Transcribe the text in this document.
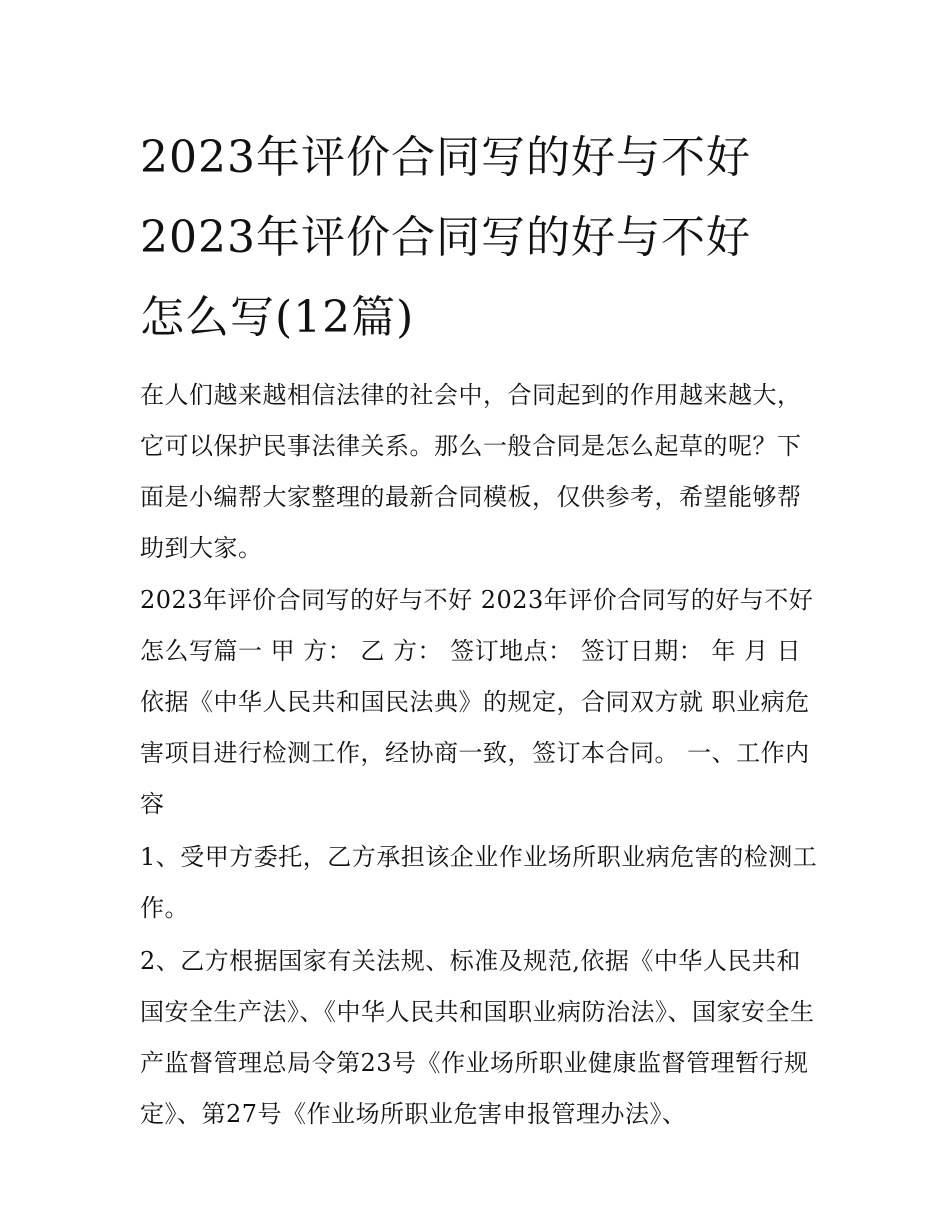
2023年评价合同写的好与不好
2023年评价合同写的好与不好
怎么写(12篇)

在人们越来越相信法律的社会中，合同起到的作用越来越大，它可以保护民事法律关系。那么一般合同是怎么起草的呢？下面是小编帮大家整理的最新合同模板，仅供参考，希望能够帮助到大家。

2023年评价合同写的好与不好 2023年评价合同写的好与不好怎么写篇一 甲 方： 乙 方： 签订地点： 签订日期： 年 月 日 依据《中华人民共和国民法典》的规定，合同双方就 职业病危害项目进行检测工作，经协商一致，签订本合同。 一、工作内容

1、受甲方委托，乙方承担该企业作业场所职业病危害的检测工作。

2、乙方根据国家有关法规、标准及规范,依据《中华人民共和国安全生产法》、《中华人民共和国职业病防治法》、国家安全生产监督管理总局令第23号《作业场所职业健康监督管理暂行规定》、第27号《作业场所职业危害申报管理办法》、
